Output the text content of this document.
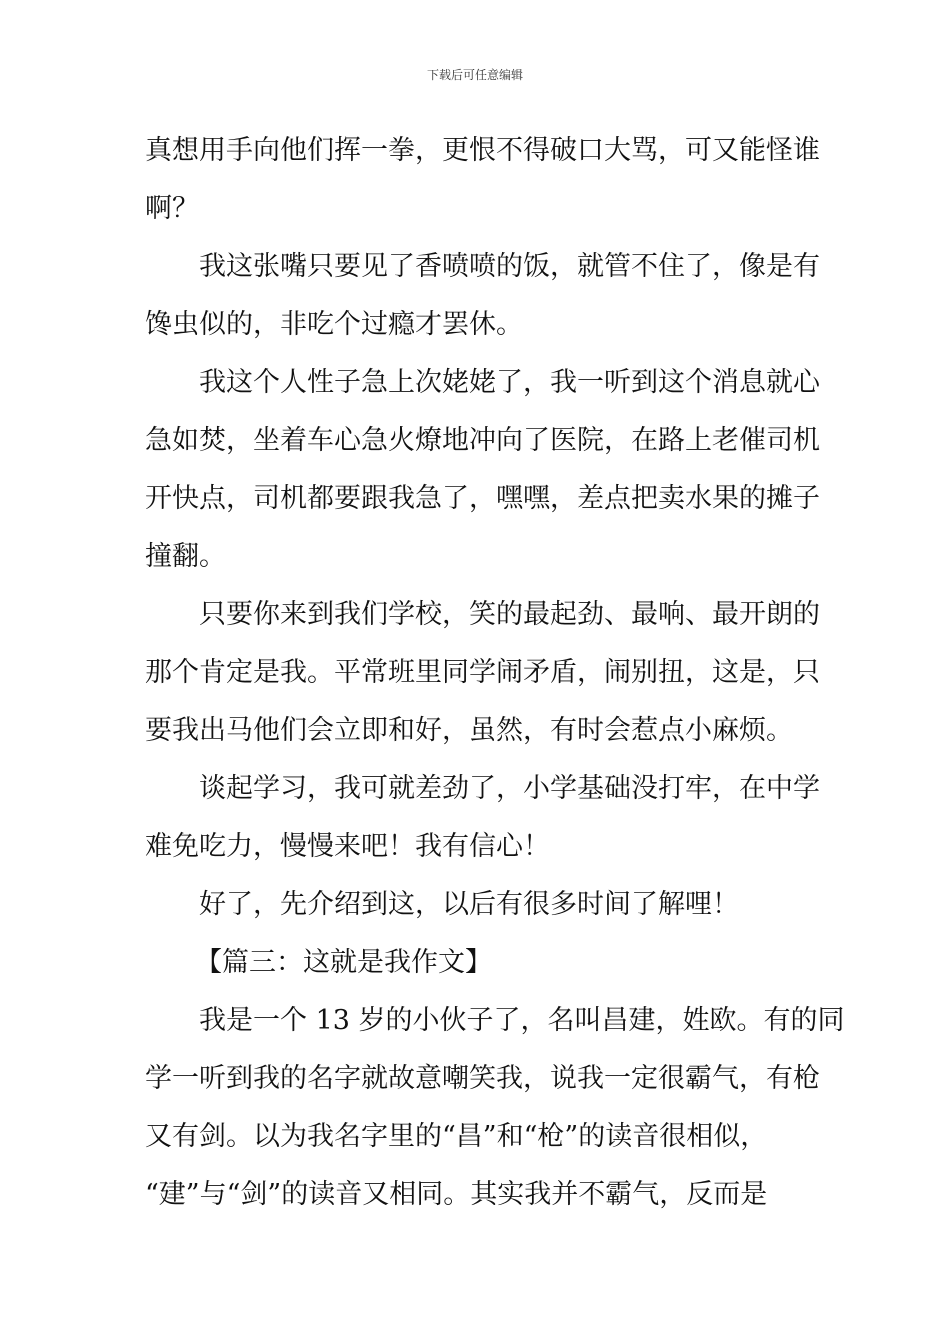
下载后可任意编辑
真想用手向他们挥一拳，更恨不得破口大骂，可又能怪谁
啊？
我这张嘴只要见了香喷喷的饭，就管不住了，像是有
馋虫似的，非吃个过瘾才罢休。
我这个人性子急上次姥姥了，我一听到这个消息就心
急如焚，坐着车心急火燎地冲向了医院，在路上老催司机
开快点，司机都要跟我急了，嘿嘿，差点把卖水果的摊子
撞翻。
只要你来到我们学校，笑的最起劲、最响、最开朗的
那个肯定是我。平常班里同学闹矛盾，闹别扭，这是，只
要我出马他们会立即和好，虽然，有时会惹点小麻烦。
谈起学习，我可就差劲了，小学基础没打牢，在中学
难免吃力，慢慢来吧！我有信心！
好了，先介绍到这，以后有很多时间了解哩！
【篇三：这就是我作文】
我是一个 13 岁的小伙子了，名叫昌建，姓欧。有的同
学一听到我的名字就故意嘲笑我，说我一定很霸气，有枪
又有剑。以为我名字里的“昌”和“枪”的读音很相似，
“建”与“剑”的读音又相同。其实我并不霸气，反而是
